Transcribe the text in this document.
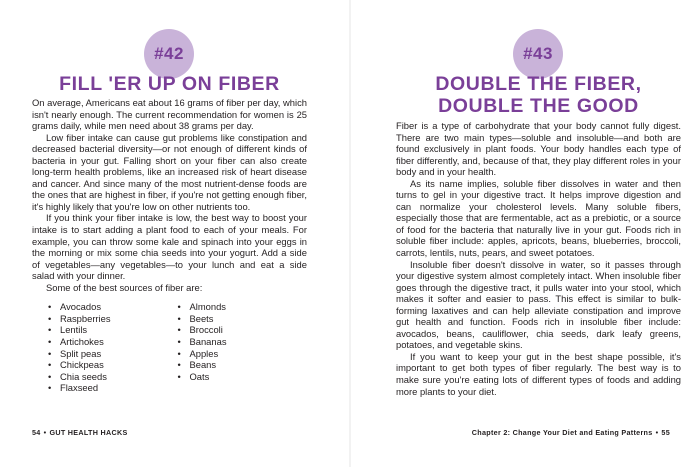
#42
FILL 'ER UP ON FIBER

On average, Americans eat about 16 grams of fiber per day, which isn't nearly enough. The current recommendation for women is 25 grams daily, while men need about 38 grams per day.

Low fiber intake can cause gut problems like constipation and decreased bacterial diversity—or not enough of different kinds of bacteria in your gut. Falling short on your fiber can also create long-term health problems, like an increased risk of heart disease and cancer. And since many of the most nutrient-dense foods are the ones that are highest in fiber, if you're not getting enough fiber, it's highly likely that you're low on other nutrients too.

If you think your fiber intake is low, the best way to boost your intake is to start adding a plant food to each of your meals. For example, you can throw some kale and spinach into your eggs in the morning or mix some chia seeds into your yogurt. Add a side of vegetables—any vegetables—to your lunch and eat a side salad with your dinner.

Some of the best sources of fiber are:

• Avocados
• Raspberries
• Lentils
• Artichokes
• Split peas
• Chickpeas
• Chia seeds
• Flaxseed
• Almonds
• Beets
• Broccoli
• Bananas
• Apples
• Beans
• Oats
54 • GUT HEALTH HACKS
#43
DOUBLE THE FIBER,
DOUBLE THE GOOD

Fiber is a type of carbohydrate that your body cannot fully digest. There are two main types—soluble and insoluble—and both are found exclusively in plant foods. Your body handles each type of fiber differently, and, because of that, they play different roles in your body and in your health.

As its name implies, soluble fiber dissolves in water and then turns to gel in your digestive tract. It helps improve digestion and can normalize your cholesterol levels. Many soluble fibers, especially those that are fermentable, act as a prebiotic, or a source of food for the bacteria that naturally live in your gut. Foods rich in soluble fiber include: apples, apricots, beans, blueberries, broccoli, carrots, lentils, nuts, pears, and sweet potatoes.

Insoluble fiber doesn't dissolve in water, so it passes through your digestive system almost completely intact. When insoluble fiber goes through the digestive tract, it pulls water into your stool, which makes it softer and easier to pass. This effect is similar to bulk-forming laxatives and can help alleviate constipation and improve gut health and function. Foods rich in insoluble fiber include: avocados, beans, cauliflower, chia seeds, dark leafy greens, potatoes, and vegetable skins.

If you want to keep your gut in the best shape possible, it's important to get both types of fiber regularly. The best way is to make sure you're eating lots of different types of foods and adding more plants to your diet.

Chapter 2: Change Your Diet and Eating Patterns • 55
